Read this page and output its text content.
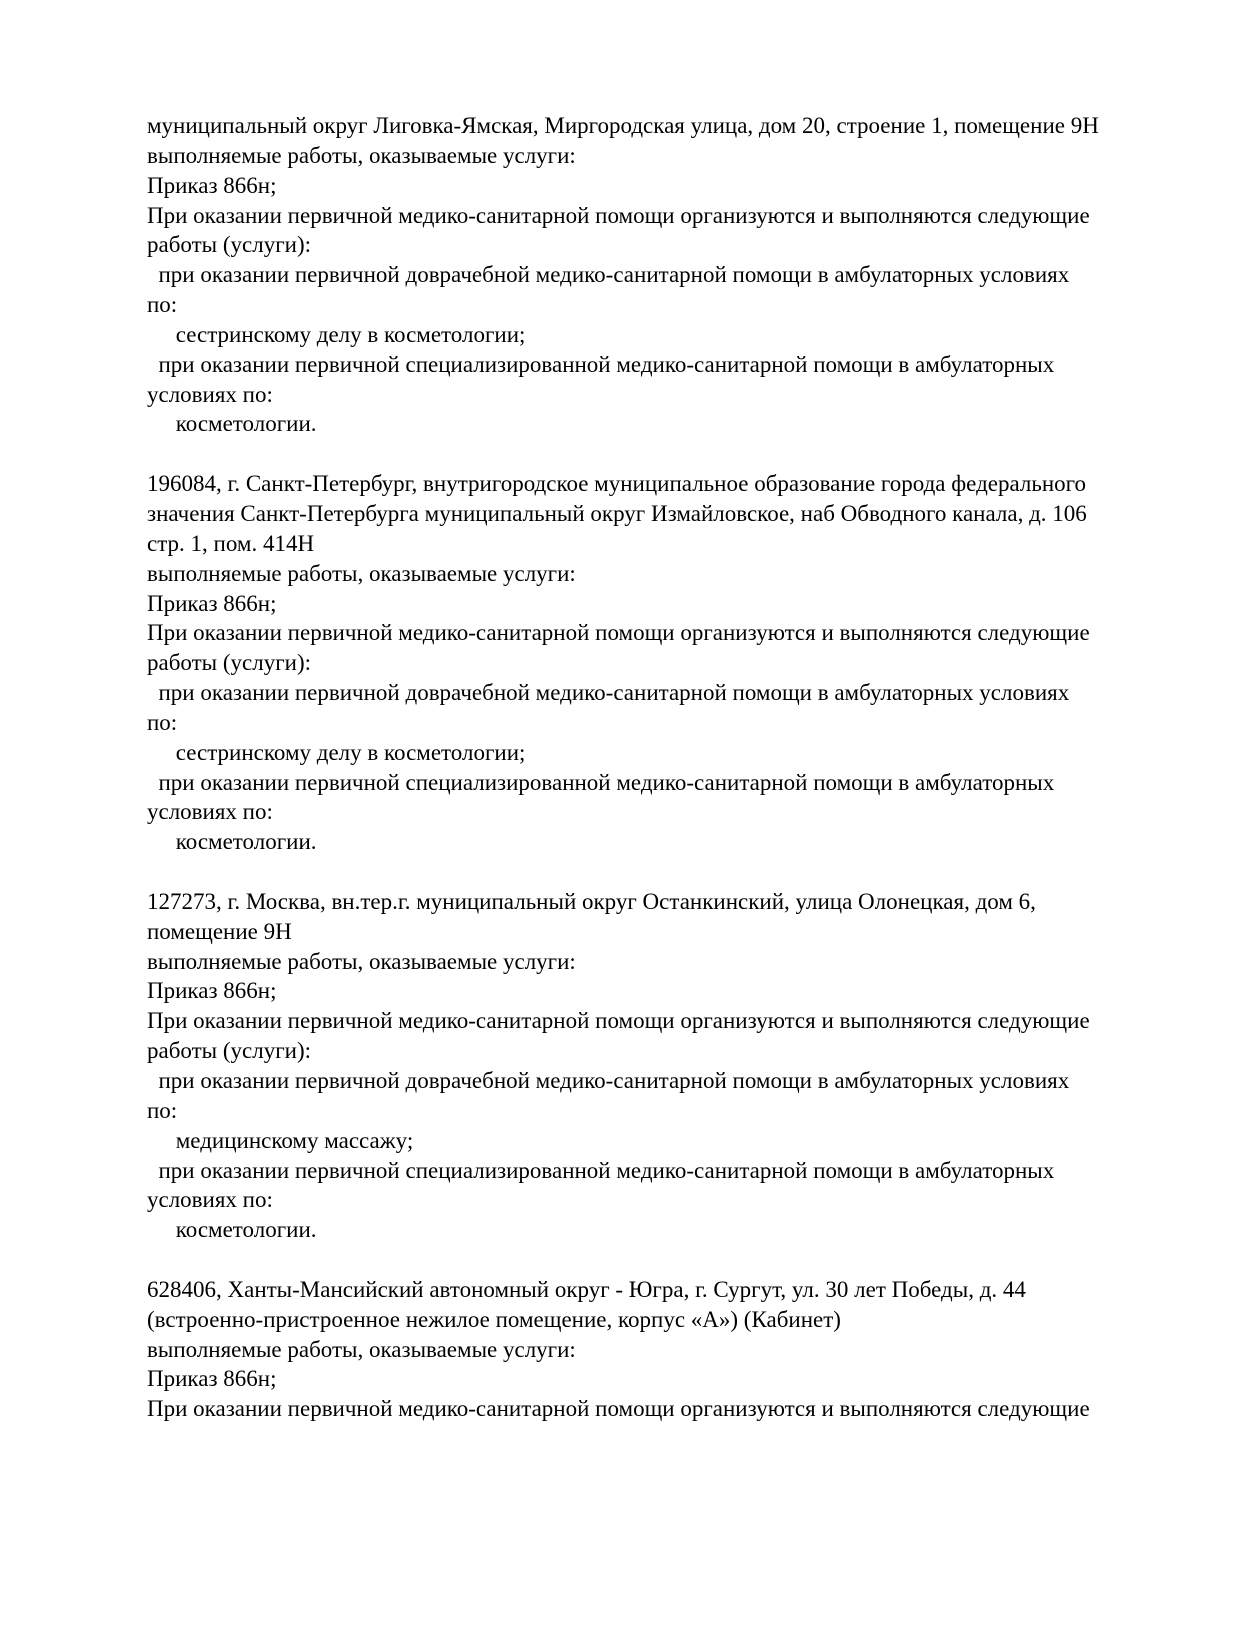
муниципальный округ Лиговка-Ямская, Миргородская улица, дом 20, строение 1, помещение 9Н
выполняемые работы, оказываемые услуги:
Приказ 866н;
При оказании первичной медико-санитарной помощи организуются и выполняются следующие
работы (услуги):
при оказании первичной доврачебной медико-санитарной помощи в амбулаторных условиях
по:
сестринскому делу в косметологии;
при оказании первичной специализированной медико-санитарной помощи в амбулаторных
условиях по:
косметологии.
196084, г. Санкт-Петербург, внутригородское муниципальное образование города федерального
значения Санкт-Петербурга муниципальный округ Измайловское, наб Обводного канала, д. 106
стр. 1, пом. 414Н
выполняемые работы, оказываемые услуги:
Приказ 866н;
При оказании первичной медико-санитарной помощи организуются и выполняются следующие
работы (услуги):
при оказании первичной доврачебной медико-санитарной помощи в амбулаторных условиях
по:
сестринскому делу в косметологии;
при оказании первичной специализированной медико-санитарной помощи в амбулаторных
условиях по:
косметологии.
127273, г. Москва, вн.тер.г. муниципальный округ Останкинский, улица Олонецкая, дом 6,
помещение 9Н
выполняемые работы, оказываемые услуги:
Приказ 866н;
При оказании первичной медико-санитарной помощи организуются и выполняются следующие
работы (услуги):
при оказании первичной доврачебной медико-санитарной помощи в амбулаторных условиях
по:
медицинскому массажу;
при оказании первичной специализированной медико-санитарной помощи в амбулаторных
условиях по:
косметологии.
628406, Ханты-Мансийский автономный округ - Югра, г. Сургут, ул. 30 лет Победы, д. 44
(встроенно-пристроенное нежилое помещение, корпус «А») (Кабинет)
выполняемые работы, оказываемые услуги:
Приказ 866н;
При оказании первичной медико-санитарной помощи организуются и выполняются следующие
